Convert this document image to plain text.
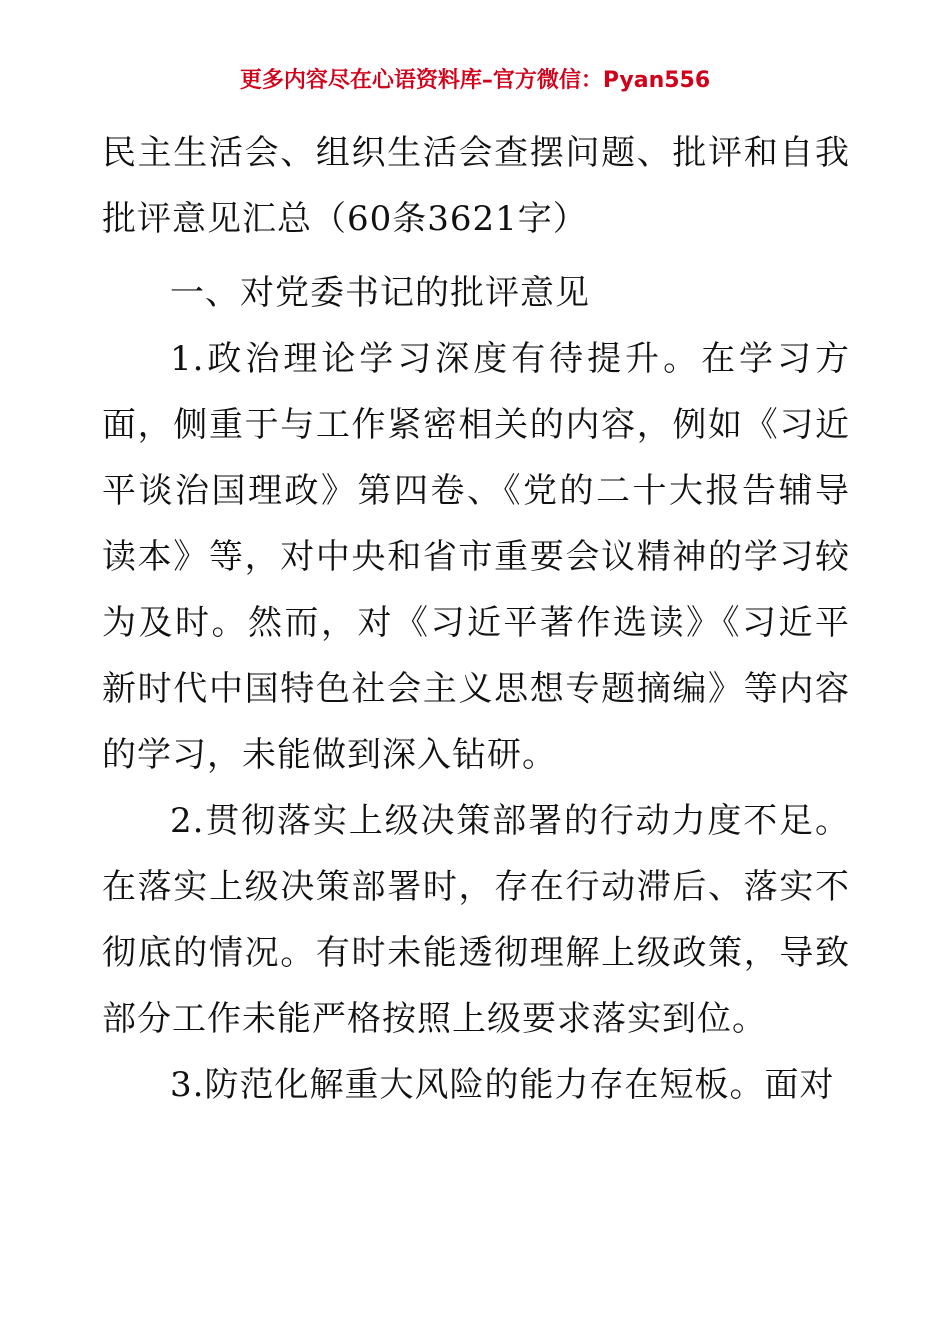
更多内容尽在心语资料库–官方微信：Pyan556

民主生活会、组织生活会查摆问题、批评和自我批评意见汇总（60条3621字）

一、对党委书记的批评意见

1.政治理论学习深度有待提升。在学习方面，侧重于与工作紧密相关的内容，例如《习近平谈治国理政》第四卷、《党的二十大报告辅导读本》等，对中央和省市重要会议精神的学习较为及时。然而，对《习近平著作选读》《习近平新时代中国特色社会主义思想专题摘编》等内容的学习，未能做到深入钻研。

2.贯彻落实上级决策部署的行动力度不足。在落实上级决策部署时，存在行动滞后、落实不彻底的情况。有时未能透彻理解上级政策，导致部分工作未能严格按照上级要求落实到位。

3.防范化解重大风险的能力存在短板。面对
